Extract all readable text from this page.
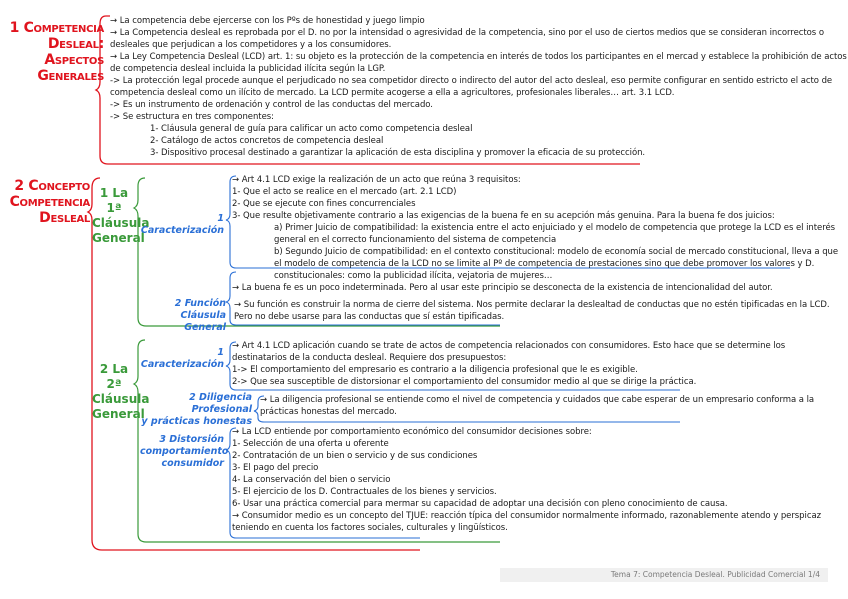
1 Competencia
Desleal:
Aspectos
Generales
→ La competencia debe ejercerse con los Pºs de honestidad y juego limpio
→ La Competencia desleal es reprobada por el D. no por la intensidad o agresividad de la competencia, sino por el uso de ciertos medios que se consideran incorrectos o
desleales que perjudican a los competidores y a los consumidores.
→ La Ley Competencia Desleal (LCD) art. 1: su objeto es la protección de la competencia en interés de todos los participantes en el mercad y establece la prohibición de actos
de competencia desleal incluida la publicidad ilícita según la LGP.
-> La protección legal procede aunque el perjudicado no sea competidor directo o indirecto del autor del acto desleal, eso permite configurar en sentido estricto el acto de
competencia desleal como un ilícito de mercado. La LCD permite acogerse a ella a agricultores, profesionales liberales… art. 3.1 LCD.
-> Es un instrumento de ordenación y control de las conductas del mercado.
-> Se estructura en tres componentes:
1- Cláusula general de guía para calificar un acto como competencia desleal
2- Catálogo de actos concretos de competencia desleal
3- Dispositivo procesal destinado a garantizar la aplicación de esta disciplina y promover la eficacia de su protección.
2 Concepto
Competencia
Desleal
1 La 1ª
Cláusula
General
1 Caracterización
→ Art 4.1 LCD exige la realización de un acto que reúna 3 requisitos:
1- Que el acto se realice en el mercado (art. 2.1 LCD)
2- Que se ejecute con fines concurrenciales
3- Que resulte objetivamente contrario a las exigencias de la buena fe en su acepción más genuina. Para la buena fe dos juicios:
a) Primer Juicio de compatibilidad: la existencia entre el acto enjuiciado y el modelo de competencia que protege la LCD es el interés
general en el correcto funcionamiento del sistema de competencia
b) Segundo Juicio de compatibilidad: en el contexto constitucional: modelo de economía social de mercado constitucional, lleva a que
el modelo de competencia de la LCD no se limite al Pº de competencia de prestaciones sino que debe promover los valores y D.
constitucionales: como la publicidad ilícita, vejatoria de mujeres…
→ La buena fe es un poco indeterminada. Pero al usar este principio se desconecta de la existencia de intencionalidad del autor.
2 Función Cláusula
General
→ Su función es construir la norma de cierre del sistema. Nos permite declarar la deslealtad de conductas que no estén tipificadas en la LCD.
Pero no debe usarse para las conductas que sí están tipificadas.
2 La 2ª
Cláusula
General
1 Caracterización
→ Art 4.1 LCD aplicación cuando se trate de actos de competencia relacionados con consumidores. Esto hace que se determine los
destinatarios de la conducta desleal. Requiere dos presupuestos:
1-> El comportamiento del empresario es contrario a la diligencia profesional que le es exigible.
2-> Que sea susceptible de distorsionar el comportamiento del consumidor medio al que se dirige la práctica.
2 Diligencia Profesional
y prácticas honestas
→ La diligencia profesional se entiende como el nivel de competencia y cuidados que cabe esperar de un empresario conforma a la
prácticas honestas del mercado.
3 Distorsión
comportamiento
consumidor
→ La LCD entiende por comportamiento económico del consumidor decisiones sobre:
1- Selección de una oferta u oferente
2- Contratación de un bien o servicio y de sus condiciones
3- El pago del precio
4- La conservación del bien o servicio
5- El ejercicio de los D. Contractuales de los bienes y servicios.
6- Usar una práctica comercial para mermar su capacidad de adoptar una decisión con pleno conocimiento de causa.
→ Consumidor medio es un concepto del TJUE: reacción típica del consumidor normalmente informado, razonablemente atendo y perspicaz
teniendo en cuenta los factores sociales, culturales y lingüísticos.
Tema 7: Competencia Desleal. Publicidad Comercial 1/4
